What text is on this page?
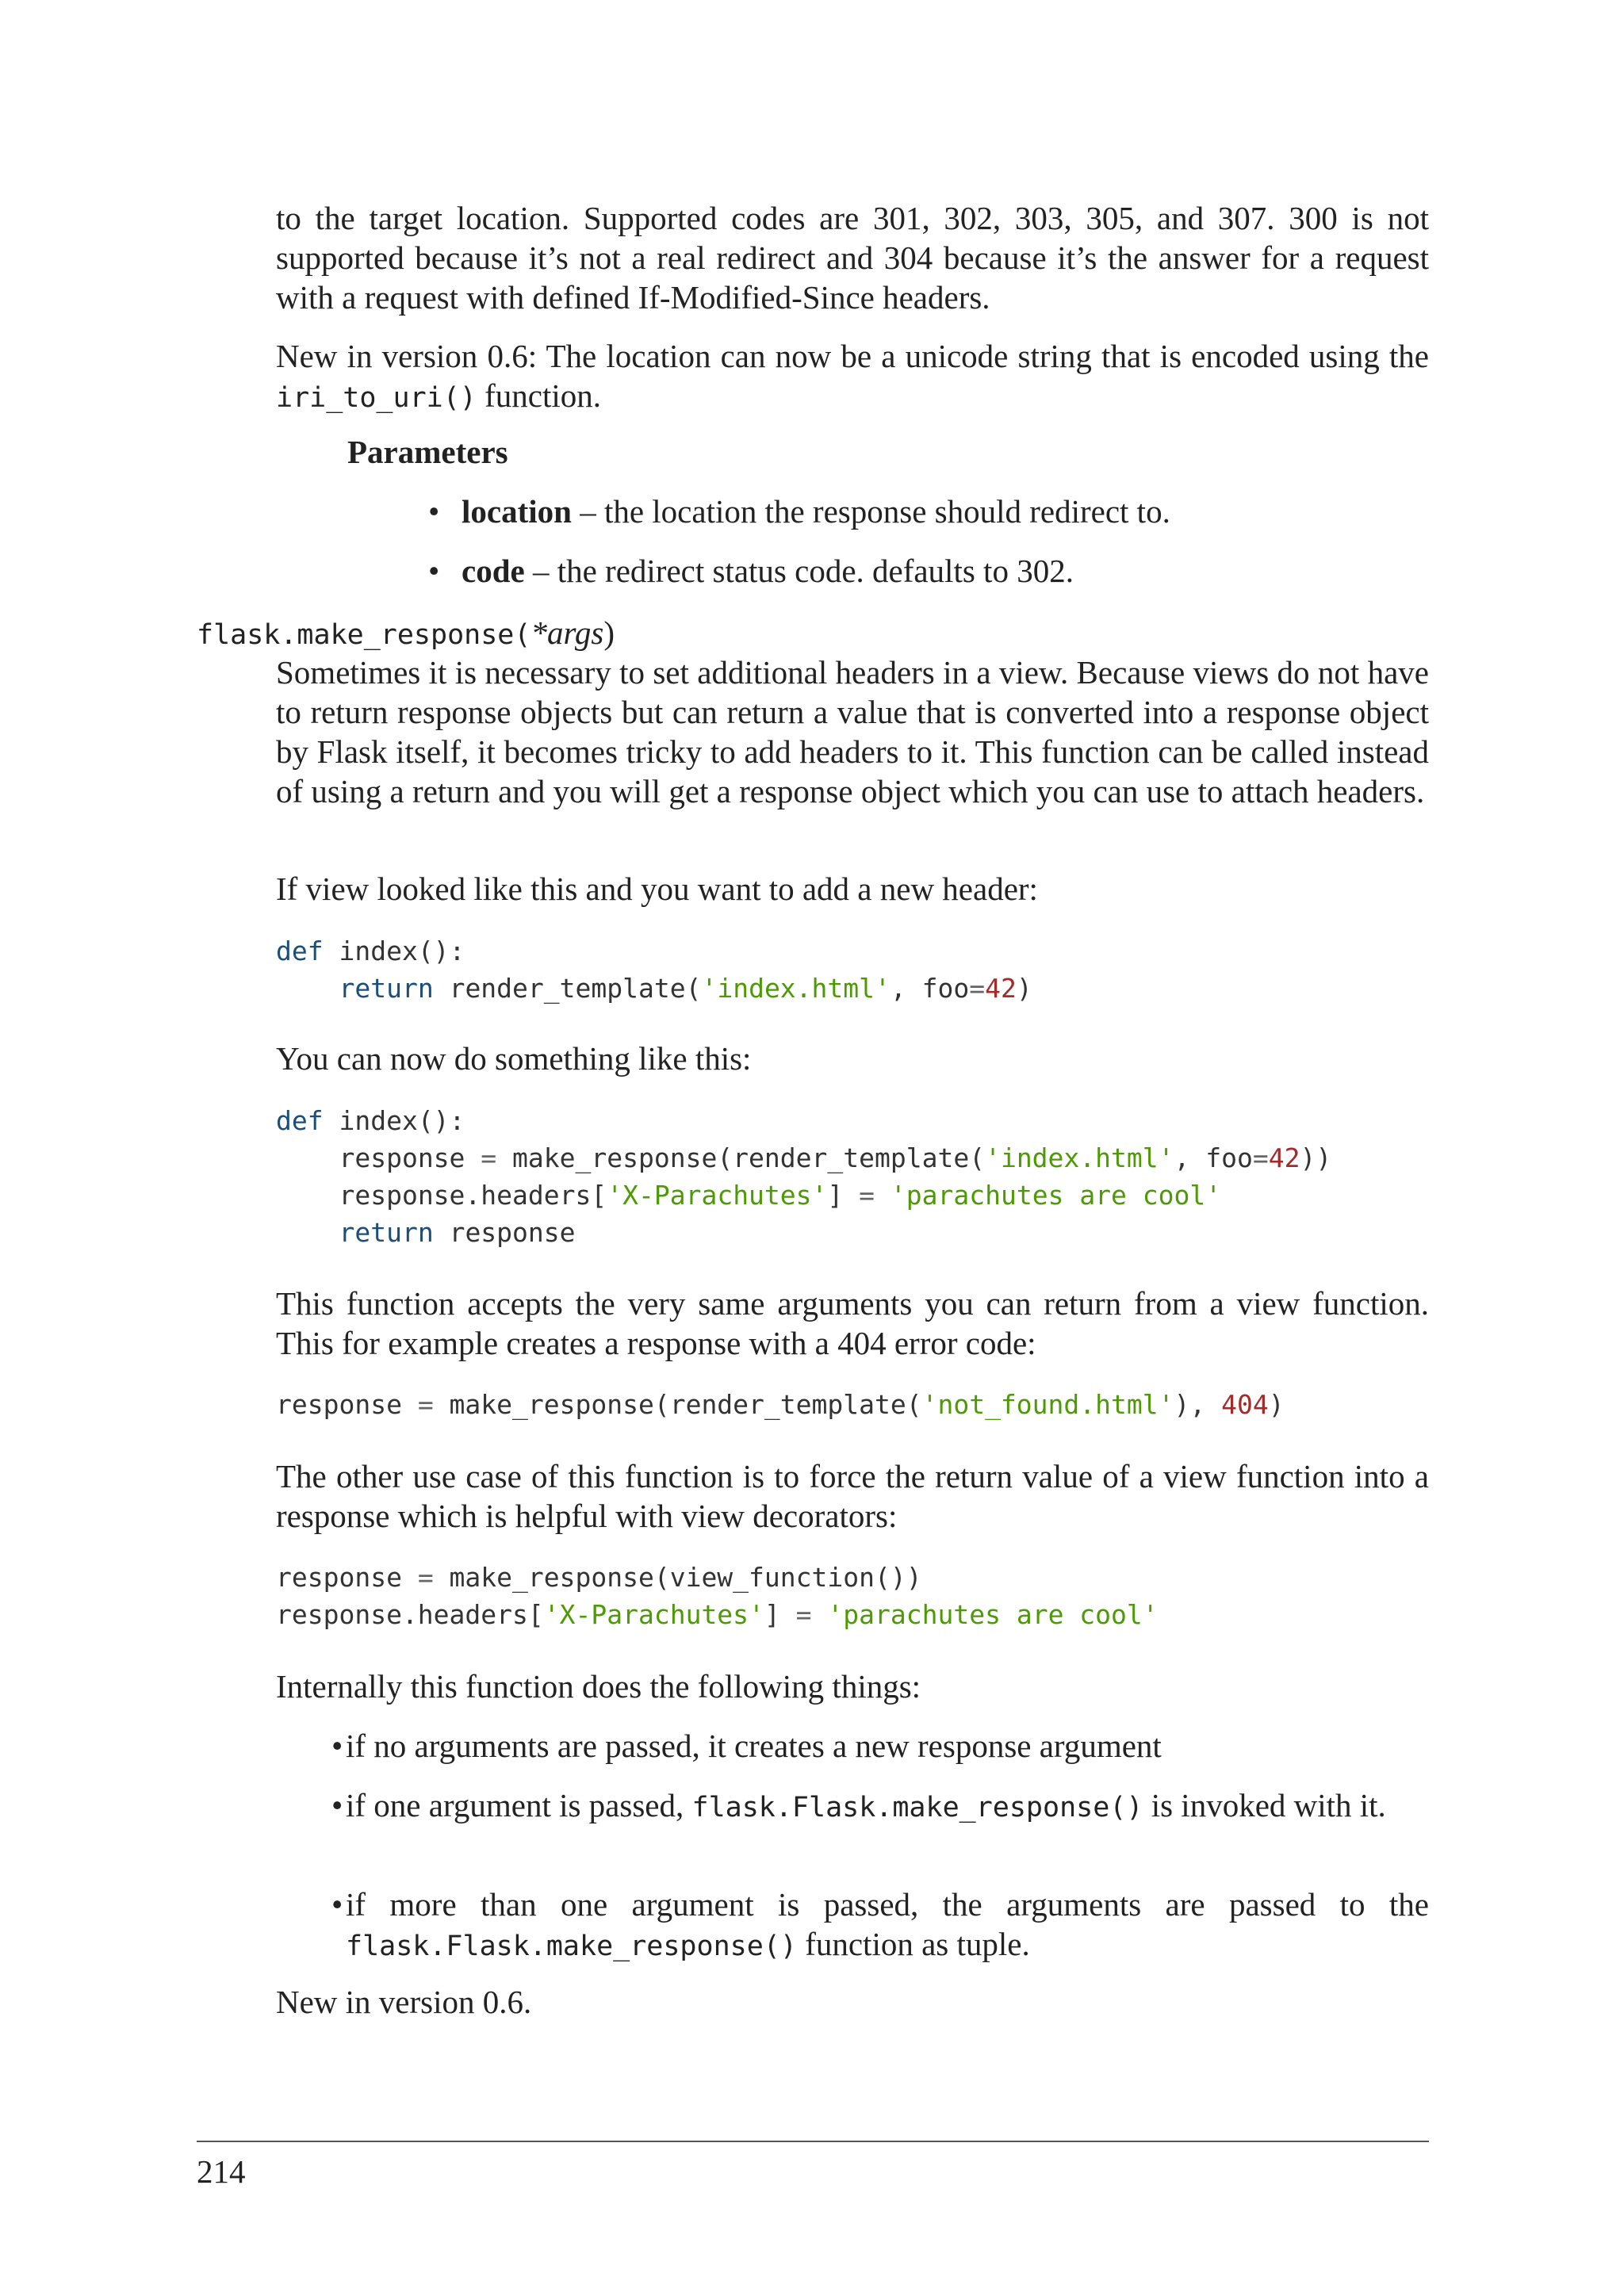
to the target location. Supported codes are 301, 302, 303, 305, and 307. 300 is not supported because it’s not a real redirect and 304 because it’s the answer for a request with a request with defined If-Modified-Since headers.

New in version 0.6: The location can now be a unicode string that is encoded using the iri_to_uri() function.

Parameters
• location – the location the response should redirect to.
• code – the redirect status code. defaults to 302.
flask.make_response(*args)

Sometimes it is necessary to set additional headers in a view. Because views do not have to return response objects but can return a value that is converted into a response object by Flask itself, it becomes tricky to add headers to it. This function can be called instead of using a return and you will get a response object which you can use to attach headers.

If view looked like this and you want to add a new header:

def index():
return render_template('index.html', foo=42)

You can now do something like this:

def index():
response = make_response(render_template('index.html', foo=42))
response.headers['X-Parachutes'] = 'parachutes are cool'
return response

This function accepts the very same arguments you can return from a view function. This for example creates a response with a 404 error code:

response = make_response(render_template('not_found.html'), 404)

The other use case of this function is to force the return value of a view function into a response which is helpful with view decorators:

response = make_response(view_function())
response.headers['X-Parachutes'] = 'parachutes are cool'

Internally this function does the following things:

• if no arguments are passed, it creates a new response argument
• if one argument is passed, flask.Flask.make_response() is invoked with it.
• if more than one argument is passed, the arguments are passed to the flask.Flask.make_response() function as tuple.

New in version 0.6.

214
